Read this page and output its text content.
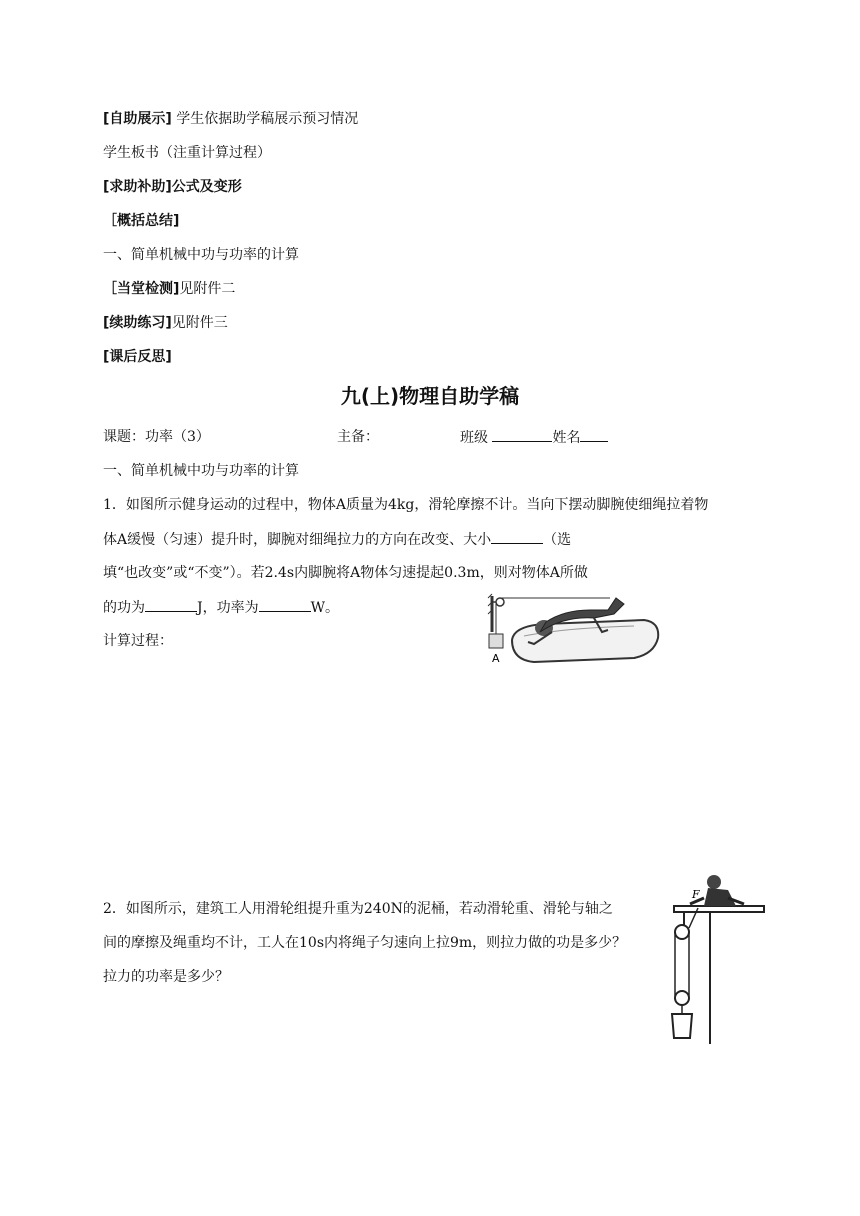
[自助展示] 学生依据助学稿展示预习情况
学生板书（注重计算过程）
[求助补助]公式及变形
［概括总结]
一、简单机械中功与功率的计算
［当堂检测]见附件二
[续助练习]见附件三
[课后反思]
九(上)物理自助学稿
课题：功率（3）	主备：	班级	姓名
一、简单机械中功与功率的计算
1．如图所示健身运动的过程中，物体A质量为4kg，滑轮摩擦不计。当向下摆动脚腕使细绳拉着物
体A缓慢（匀速）提升时，脚腕对细绳拉力的方向在改变、大小	（选
填“也改变”或“不变”）。若2.4s内脚腕将A物体匀速提起0.3m，则对物体A所做
的功为	J，功率为	W。
计算过程：
A
2．如图所示，建筑工人用滑轮组提升重为240N的泥桶，若动滑轮重、滑轮与轴之
间的摩擦及绳重均不计，工人在10s内将绳子匀速向上拉9m，则拉力做的功是多少？
拉力的功率是多少？
F
